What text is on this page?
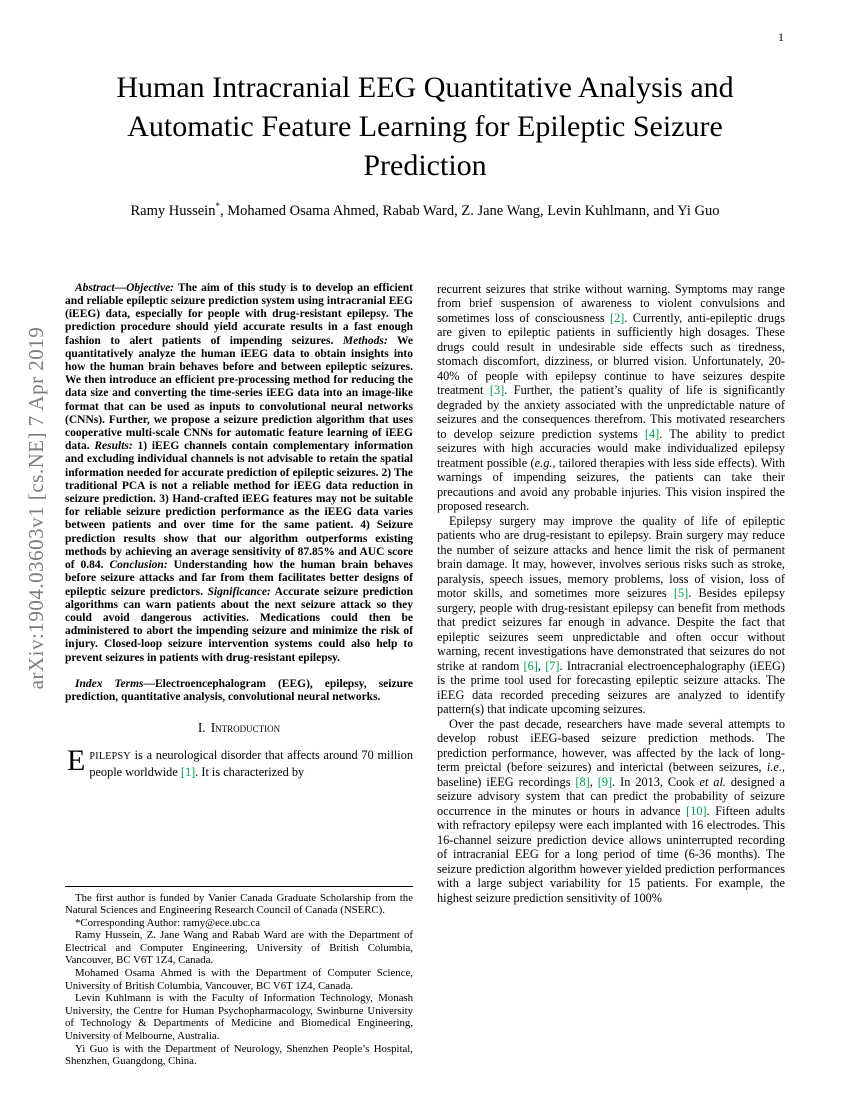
1
arXiv:1904.03603v1 [cs.NE] 7 Apr 2019
Human Intracranial EEG Quantitative Analysis and Automatic Feature Learning for Epileptic Seizure Prediction
Ramy Hussein*, Mohamed Osama Ahmed, Rabab Ward, Z. Jane Wang, Levin Kuhlmann, and Yi Guo

Abstract—Objective: The aim of this study is to develop an efficient and reliable epileptic seizure prediction system using intracranial EEG (iEEG) data, especially for people with drug-resistant epilepsy. The prediction procedure should yield accurate results in a fast enough fashion to alert patients of impending seizures. Methods: We quantitatively analyze the human iEEG data to obtain insights into how the human brain behaves before and between epileptic seizures. We then introduce an efficient pre-processing method for reducing the data size and converting the time-series iEEG data into an image-like format that can be used as inputs to convolutional neural networks (CNNs). Further, we propose a seizure prediction algorithm that uses cooperative multi-scale CNNs for automatic feature learning of iEEG data. Results: 1) iEEG channels contain complementary information and excluding individual channels is not advisable to retain the spatial information needed for accurate prediction of epileptic seizures. 2) The traditional PCA is not a reliable method for iEEG data reduction in seizure prediction. 3) Hand-crafted iEEG features may not be suitable for reliable seizure prediction performance as the iEEG data varies between patients and over time for the same patient. 4) Seizure prediction results show that our algorithm outperforms existing methods by achieving an average sensitivity of 87.85% and AUC score of 0.84. Conclusion: Understanding how the human brain behaves before seizure attacks and far from them facilitates better designs of epileptic seizure predictors. Significance: Accurate seizure prediction algorithms can warn patients about the next seizure attack so they could avoid dangerous activities. Medications could then be administered to abort the impending seizure and minimize the risk of injury. Closed-loop seizure intervention systems could also help to prevent seizures in patients with drug-resistant epilepsy.

Index Terms—Electroencephalogram (EEG), epilepsy, seizure prediction, quantitative analysis, convolutional neural networks.

I. Introduction

EPILEPSY is a neurological disorder that affects around 70 million people worldwide [1]. It is characterized by

The first author is funded by Vanier Canada Graduate Scholarship from the Natural Sciences and Engineering Research Council of Canada (NSERC).

*Corresponding Author: ramy@ece.ubc.ca

Ramy Hussein, Z. Jane Wang and Rabab Ward are with the Department of Electrical and Computer Engineering, University of British Columbia, Vancouver, BC V6T 1Z4, Canada.

Mohamed Osama Ahmed is with the Department of Computer Science, University of British Columbia, Vancouver, BC V6T 1Z4, Canada.

Levin Kuhlmann is with the Faculty of Information Technology, Monash University, the Centre for Human Psychopharmacology, Swinburne University of Technology & Departments of Medicine and Biomedical Engineering, University of Melbourne, Australia.

Yi Guo is with the Department of Neurology, Shenzhen People’s Hospital, Shenzhen, Guangdong, China.

recurrent seizures that strike without warning. Symptoms may range from brief suspension of awareness to violent convulsions and sometimes loss of consciousness [2]. Currently, anti-epileptic drugs are given to epileptic patients in sufficiently high dosages. These drugs could result in undesirable side effects such as tiredness, stomach discomfort, dizziness, or blurred vision. Unfortunately, 20-40% of people with epilepsy continue to have seizures despite treatment [3]. Further, the patient’s quality of life is significantly degraded by the anxiety associated with the unpredictable nature of seizures and the consequences therefrom. This motivated researchers to develop seizure prediction systems [4]. The ability to predict seizures with high accuracies would make individualized epilepsy treatment possible (e.g., tailored therapies with less side effects). With warnings of impending seizures, the patients can take their precautions and avoid any probable injuries. This vision inspired the proposed research.

Epilepsy surgery may improve the quality of life of epileptic patients who are drug-resistant to epilepsy. Brain surgery may reduce the number of seizure attacks and hence limit the risk of permanent brain damage. It may, however, involves serious risks such as stroke, paralysis, speech issues, memory problems, loss of vision, loss of motor skills, and sometimes more seizures [5]. Besides epilepsy surgery, people with drug-resistant epilepsy can benefit from methods that predict seizures far enough in advance. Despite the fact that epileptic seizures seem unpredictable and often occur without warning, recent investigations have demonstrated that seizures do not strike at random [6], [7]. Intracranial electroencephalography (iEEG) is the prime tool used for forecasting epileptic seizure attacks. The iEEG data recorded preceding seizures are analyzed to identify pattern(s) that indicate upcoming seizures.

Over the past decade, researchers have made several attempts to develop robust iEEG-based seizure prediction methods. The prediction performance, however, was affected by the lack of long-term preictal (before seizures) and interictal (between seizures, i.e., baseline) iEEG recordings [8], [9]. In 2013, Cook et al. designed a seizure advisory system that can predict the probability of seizure occurrence in the minutes or hours in advance [10]. Fifteen adults with refractory epilepsy were each implanted with 16 electrodes. This 16-channel seizure prediction device allows uninterrupted recording of intracranial EEG for a long period of time (6-36 months). The seizure prediction algorithm however yielded prediction performances with a large subject variability for 15 patients. For example, the highest seizure prediction sensitivity of 100%
